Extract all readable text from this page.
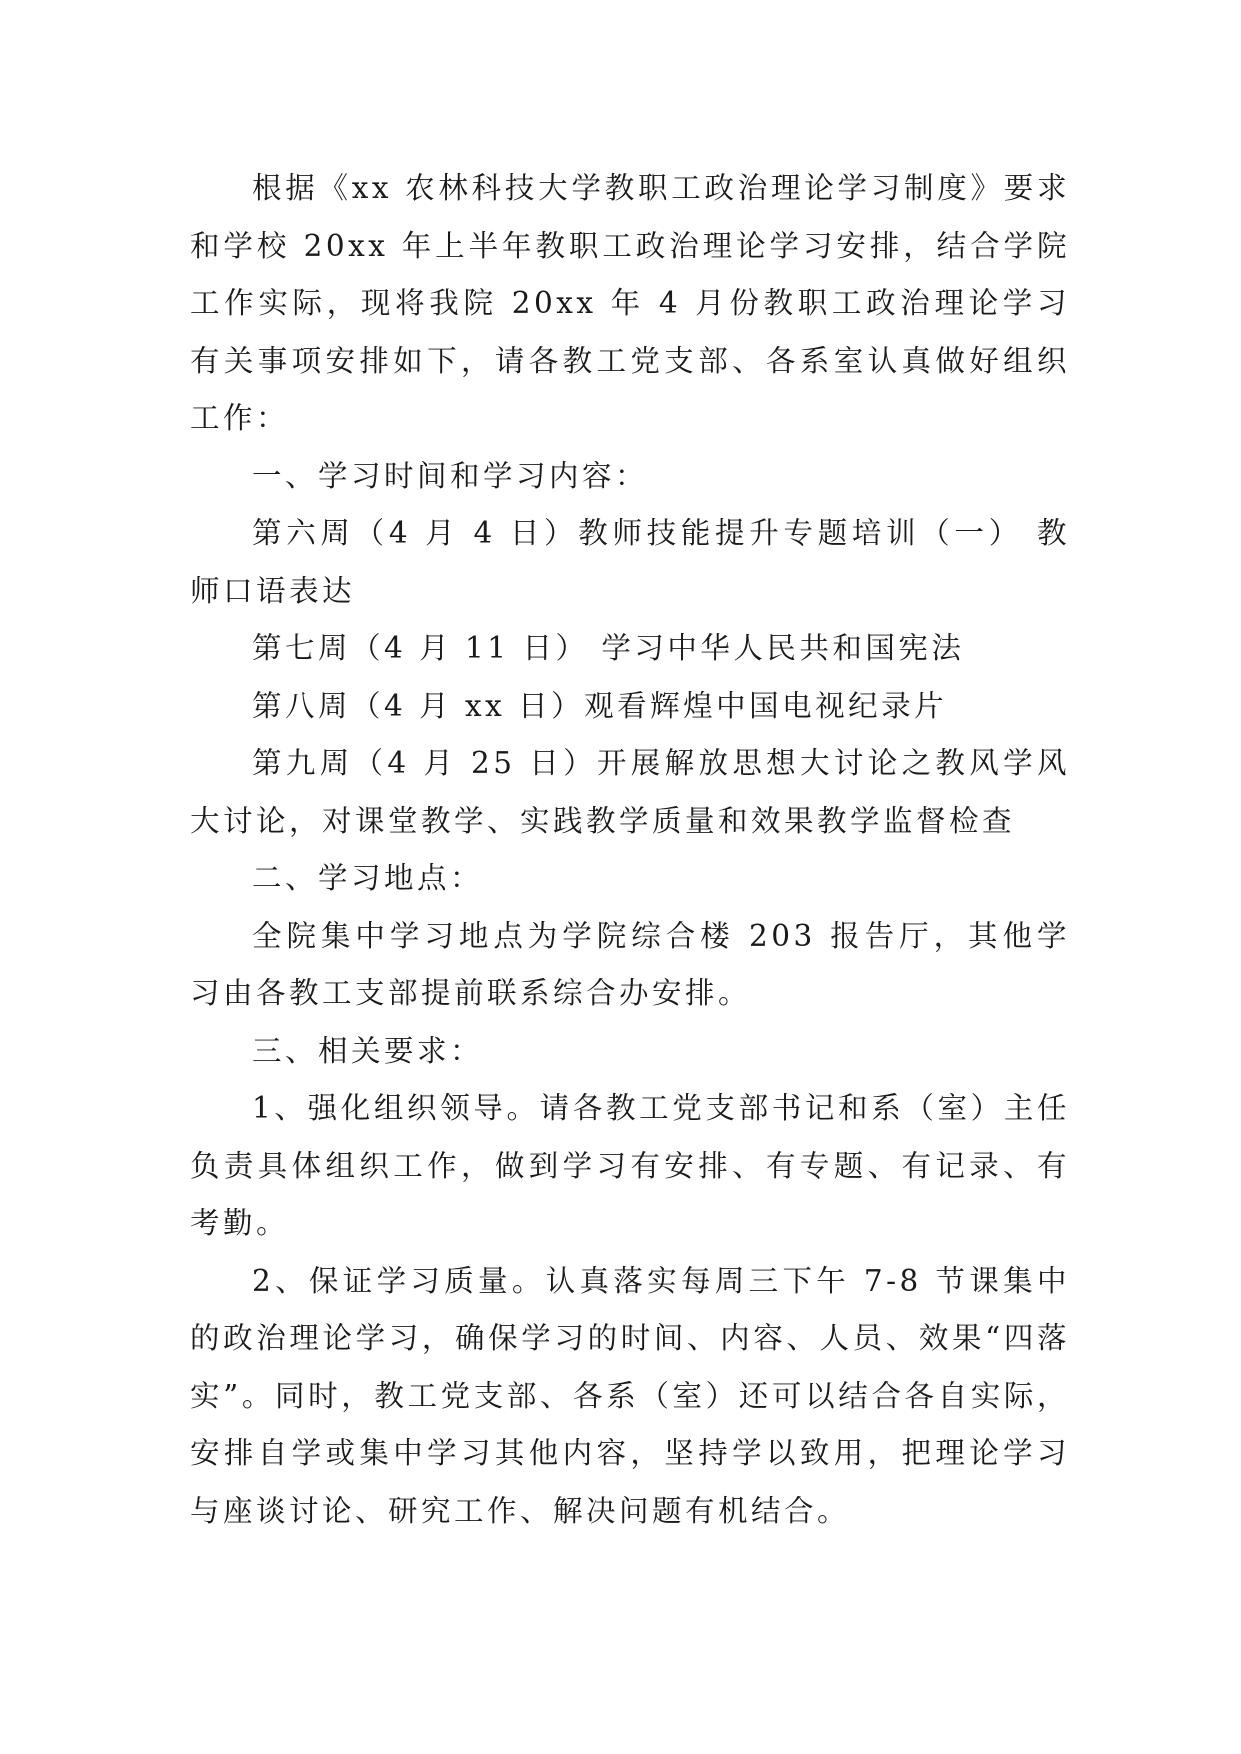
根据《xx 农林科技大学教职工政治理论学习制度》要求和学校 20xx 年上半年教职工政治理论学习安排，结合学院工作实际，现将我院 20xx 年 4 月份教职工政治理论学习有关事项安排如下，请各教工党支部、各系室认真做好组织工作：

一、学习时间和学习内容：

第六周（4 月 4 日）教师技能提升专题培训（一） 教师口语表达

第七周（4 月 11 日） 学习中华人民共和国宪法

第八周（4 月 xx 日）观看辉煌中国电视纪录片

第九周（4 月 25 日）开展解放思想大讨论之教风学风大讨论，对课堂教学、实践教学质量和效果教学监督检查

二、学习地点：

全院集中学习地点为学院综合楼 203 报告厅，其他学习由各教工支部提前联系综合办安排。

三、相关要求：

1、强化组织领导。请各教工党支部书记和系（室）主任负责具体组织工作，做到学习有安排、有专题、有记录、有考勤。

2、保证学习质量。认真落实每周三下午 7-8 节课集中的政治理论学习，确保学习的时间、内容、人员、效果“四落实”。同时，教工党支部、各系（室）还可以结合各自实际，安排自学或集中学习其他内容，坚持学以致用，把理论学习与座谈讨论、研究工作、解决问题有机结合。
